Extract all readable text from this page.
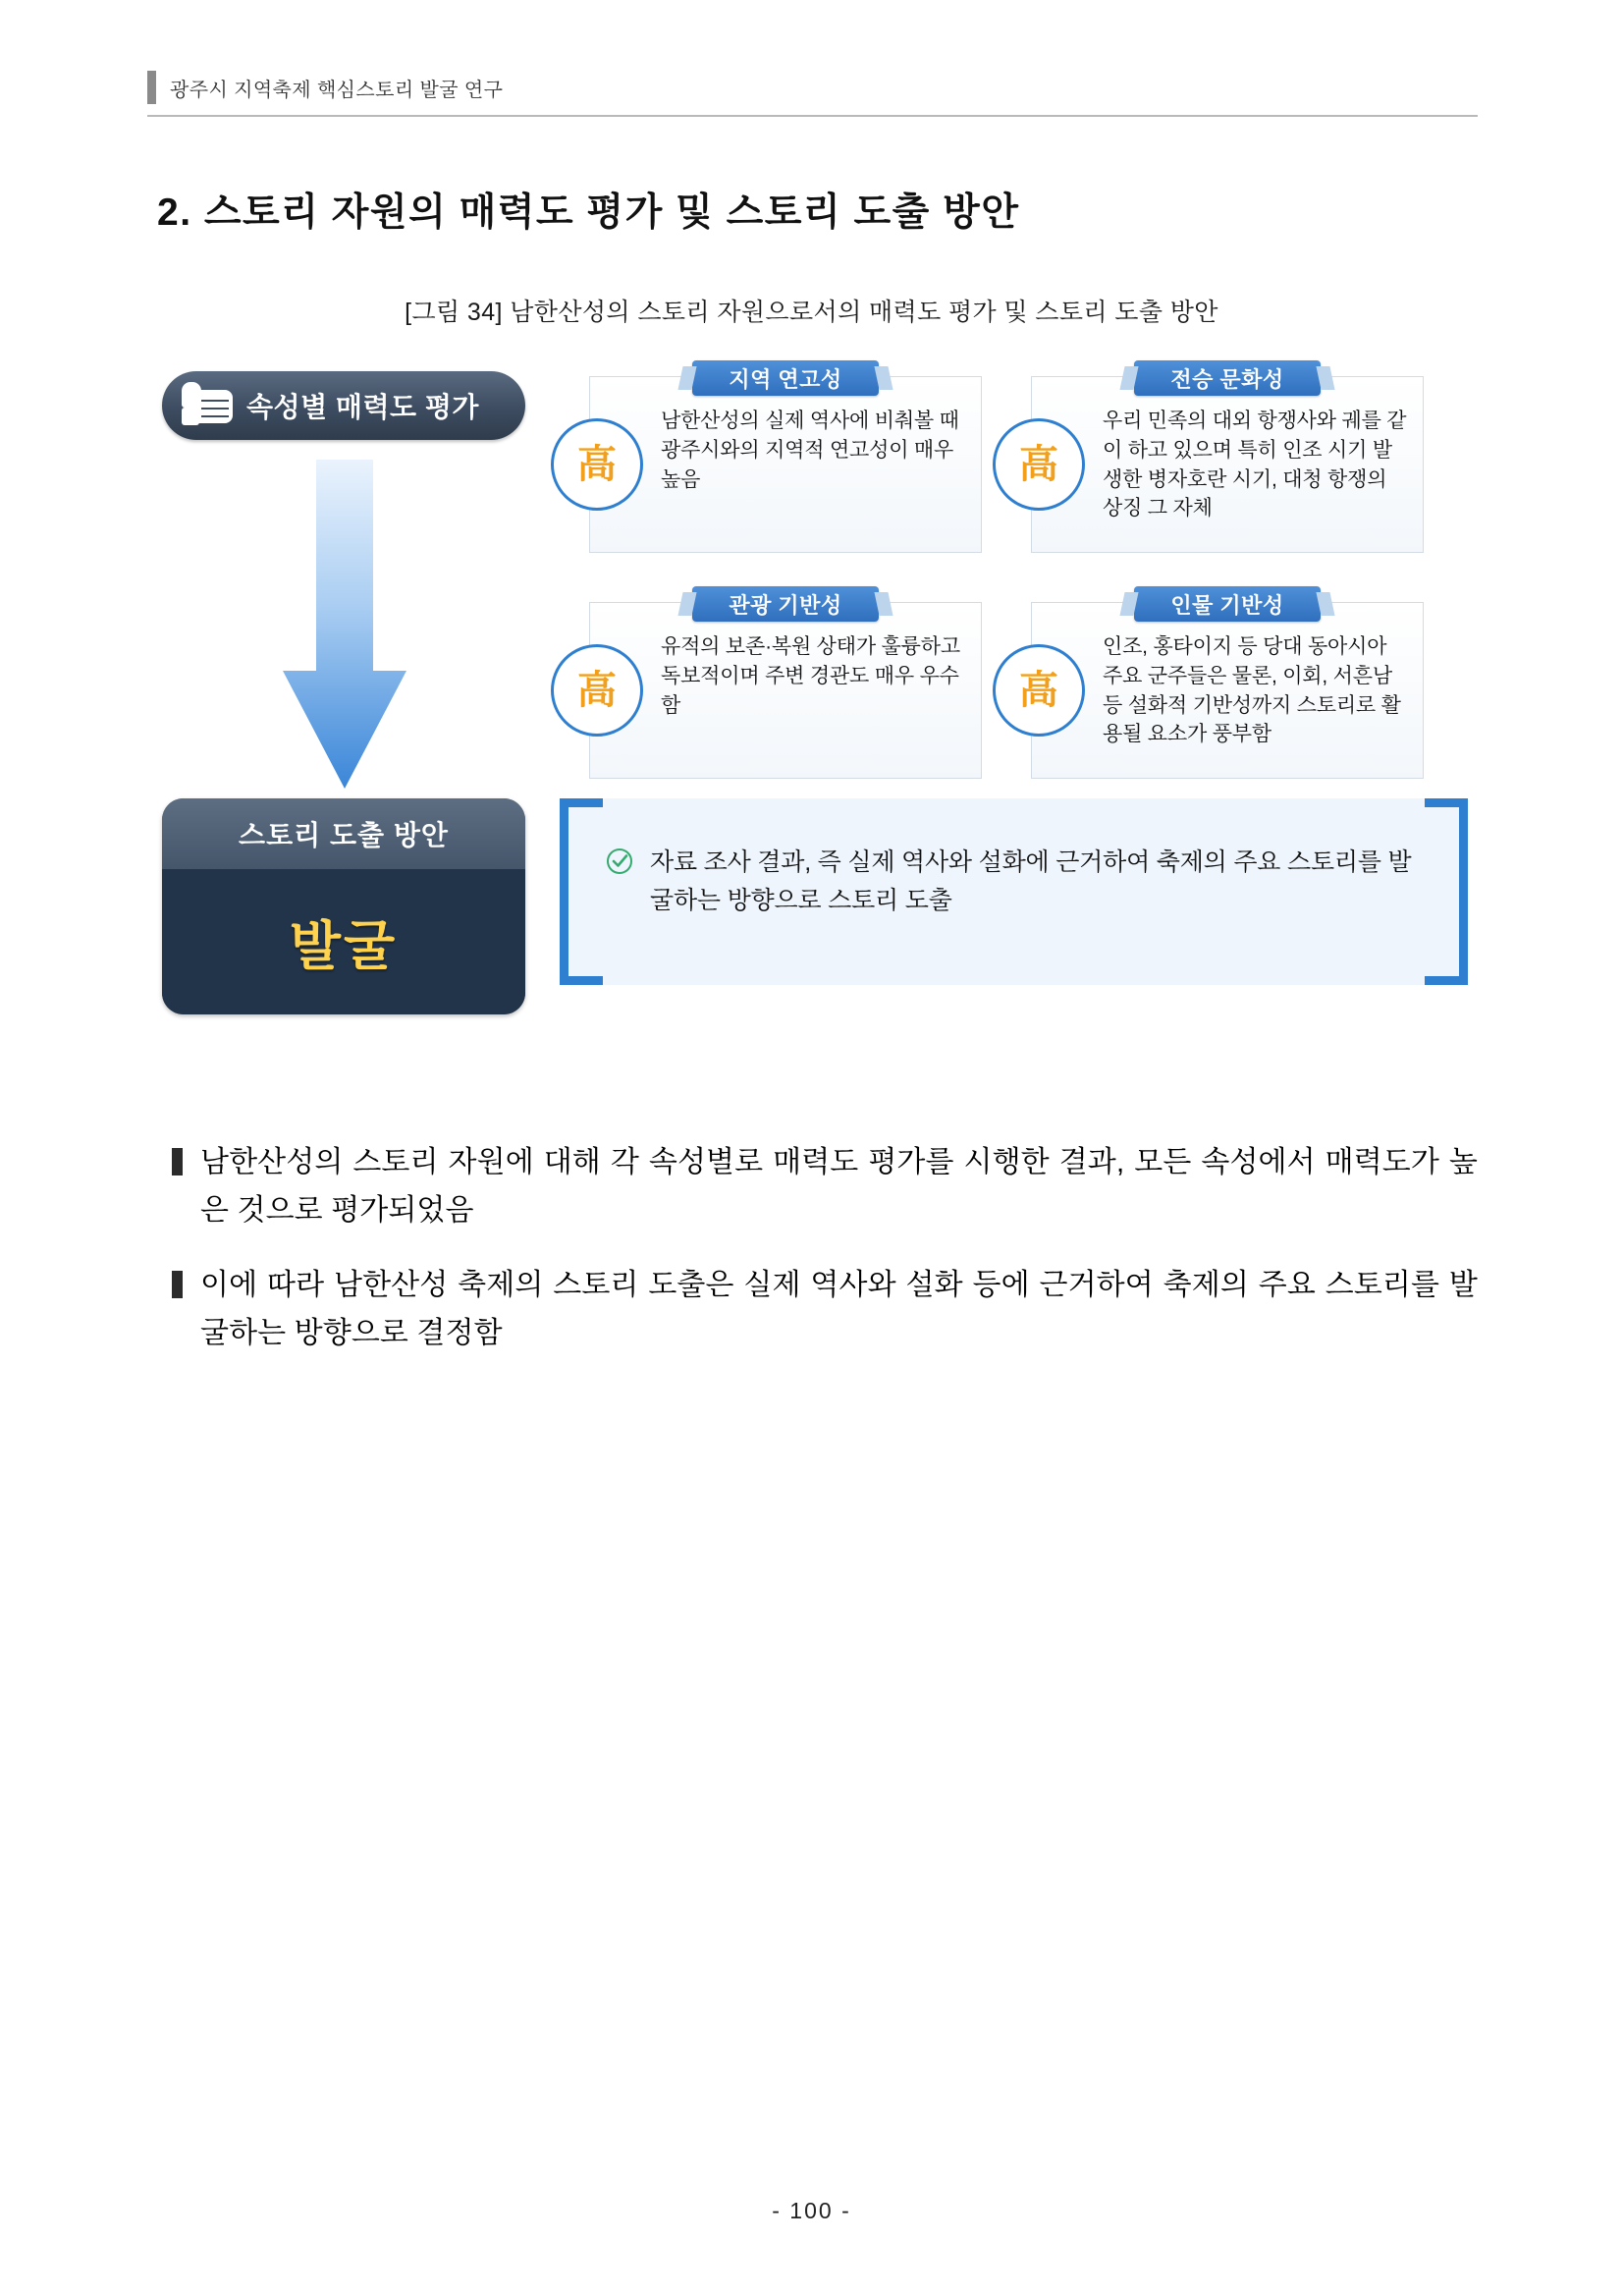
광주시 지역축제 핵심스토리 발굴 연구
2. 스토리 자원의 매력도 평가 및 스토리 도출 방안
[그림 34] 남한산성의 스토리 자원으로서의 매력도 평가 및 스토리 도출 방안
속성별 매력도 평가
스토리 도출 방안
발굴
지역 연고성
高
남한산성의 실제 역사에 비춰볼 때 광주시와의 지역적 연고성이 매우 높음
전승 문화성
高
우리 민족의 대외 항쟁사와 궤를 같이 하고 있으며 특히 인조 시기 발생한 병자호란 시기, 대청 항쟁의 상징 그 자체
관광 기반성
高
유적의 보존·복원 상태가 훌륭하고 독보적이며 주변 경관도 매우 우수함
인물 기반성
高
인조, 홍타이지 등 당대 동아시아 주요 군주들은 물론, 이회, 서흔남 등 설화적 기반성까지 스토리로 활용될 요소가 풍부함
자료 조사 결과, 즉 실제 역사와 설화에 근거하여 축제의 주요 스토리를 발굴하는 방향으로 스토리 도출
남한산성의 스토리 자원에 대해 각 속성별로 매력도 평가를 시행한 결과, 모든 속성에서 매력도가 높은 것으로 평가되었음
이에 따라 남한산성 축제의 스토리 도출은 실제 역사와 설화 등에 근거하여 축제의 주요 스토리를 발굴하는 방향으로 결정함
- 100 -
